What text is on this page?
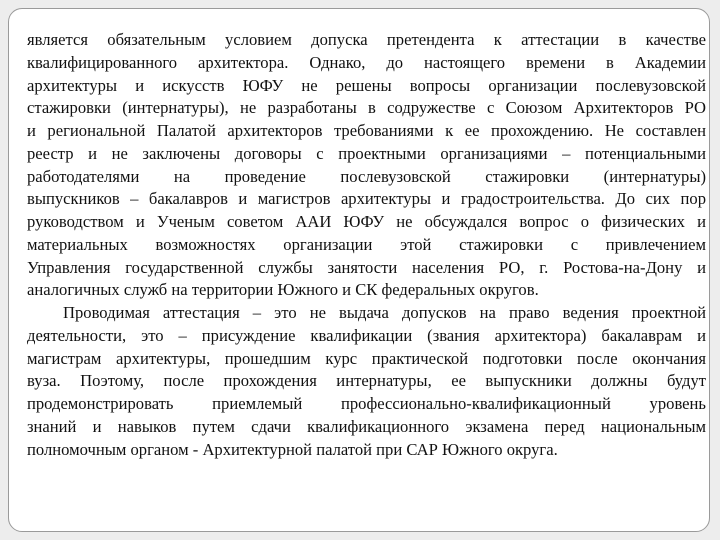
является обязательным условием допуска претендента к аттестации в качестве
квалифицированного архитектора. Однако, до настоящего времени в Академии
архитектуры и искусств ЮФУ не решены вопросы организации послевузовской
стажировки (интернатуры), не разработаны в содружестве с Союзом Архитекторов РО
и региональной Палатой архитекторов требованиями к ее прохождению. Не составлен
реестр и не заключены договоры с проектными организациями – потенциальными
работодателями на проведение послевузовской стажировки (интернатуры)
выпускников – бакалавров и магистров архитектуры и градостроительства. До сих пор
руководством и Ученым советом ААИ ЮФУ не обсуждался вопрос о физических и
материальных возможностях организации этой стажировки с привлечением
Управления государственной службы занятости населения РО, г. Ростова-на-Дону и
аналогичных служб на территории Южного и СК федеральных округов.

Проводимая аттестация – это не выдача допусков на право ведения проектной
деятельности, это – присуждение квалификации (звания архитектора) бакалаврам и
магистрам архитектуры, прошедшим курс практической подготовки после окончания
вуза. Поэтому, после прохождения интернатуры, ее выпускники должны будут
продемонстрировать приемлемый профессионально-квалификационный уровень
знаний и навыков путем сдачи квалификационного экзамена перед национальным
полномочным органом - Архитектурной палатой при САР Южного округа.
